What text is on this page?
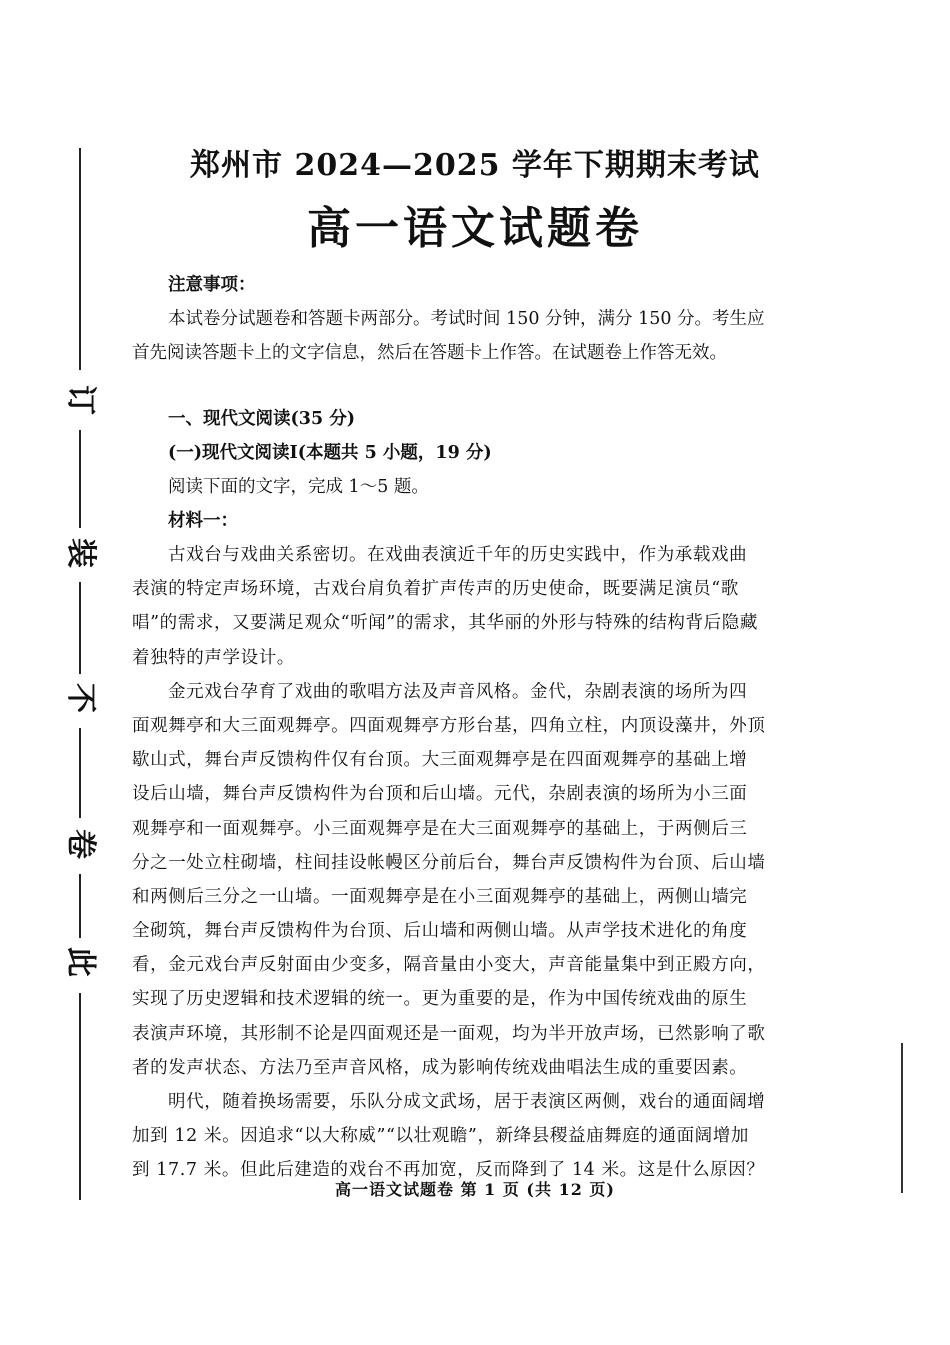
订
装
不
卷
此
郑州市 2024—2025 学年下期期末考试
高一语文试题卷
注意事项：
本试卷分试题卷和答题卡两部分。考试时间 150 分钟，满分 150 分。考生应
首先阅读答题卡上的文字信息，然后在答题卡上作答。在试题卷上作答无效。
一、现代文阅读(35 分)
(一)现代文阅读Ⅰ(本题共 5 小题，19 分)
阅读下面的文字，完成 1～5 题。
材料一：
古戏台与戏曲关系密切。在戏曲表演近千年的历史实践中，作为承载戏曲
表演的特定声场环境，古戏台肩负着扩声传声的历史使命，既要满足演员“歌
唱”的需求，又要满足观众“听闻”的需求，其华丽的外形与特殊的结构背后隐藏
着独特的声学设计。
金元戏台孕育了戏曲的歌唱方法及声音风格。金代，杂剧表演的场所为四
面观舞亭和大三面观舞亭。四面观舞亭方形台基，四角立柱，内顶设藻井，外顶
歇山式，舞台声反馈构件仅有台顶。大三面观舞亭是在四面观舞亭的基础上增
设后山墙，舞台声反馈构件为台顶和后山墙。元代，杂剧表演的场所为小三面
观舞亭和一面观舞亭。小三面观舞亭是在大三面观舞亭的基础上，于两侧后三
分之一处立柱砌墙，柱间挂设帐幔区分前后台，舞台声反馈构件为台顶、后山墙
和两侧后三分之一山墙。一面观舞亭是在小三面观舞亭的基础上，两侧山墙完
全砌筑，舞台声反馈构件为台顶、后山墙和两侧山墙。从声学技术进化的角度
看，金元戏台声反射面由少变多，隔音量由小变大，声音能量集中到正殿方向，
实现了历史逻辑和技术逻辑的统一。更为重要的是，作为中国传统戏曲的原生
表演声环境，其形制不论是四面观还是一面观，均为半开放声场，已然影响了歌
者的发声状态、方法乃至声音风格，成为影响传统戏曲唱法生成的重要因素。
明代，随着换场需要，乐队分成文武场，居于表演区两侧，戏台的通面阔增
加到 12 米。因追求“以大称威”“以壮观瞻”，新绛县稷益庙舞庭的通面阔增加
到 17.7 米。但此后建造的戏台不再加宽，反而降到了 14 米。这是什么原因？
高一语文试题卷 第 1 页 (共 12 页)
